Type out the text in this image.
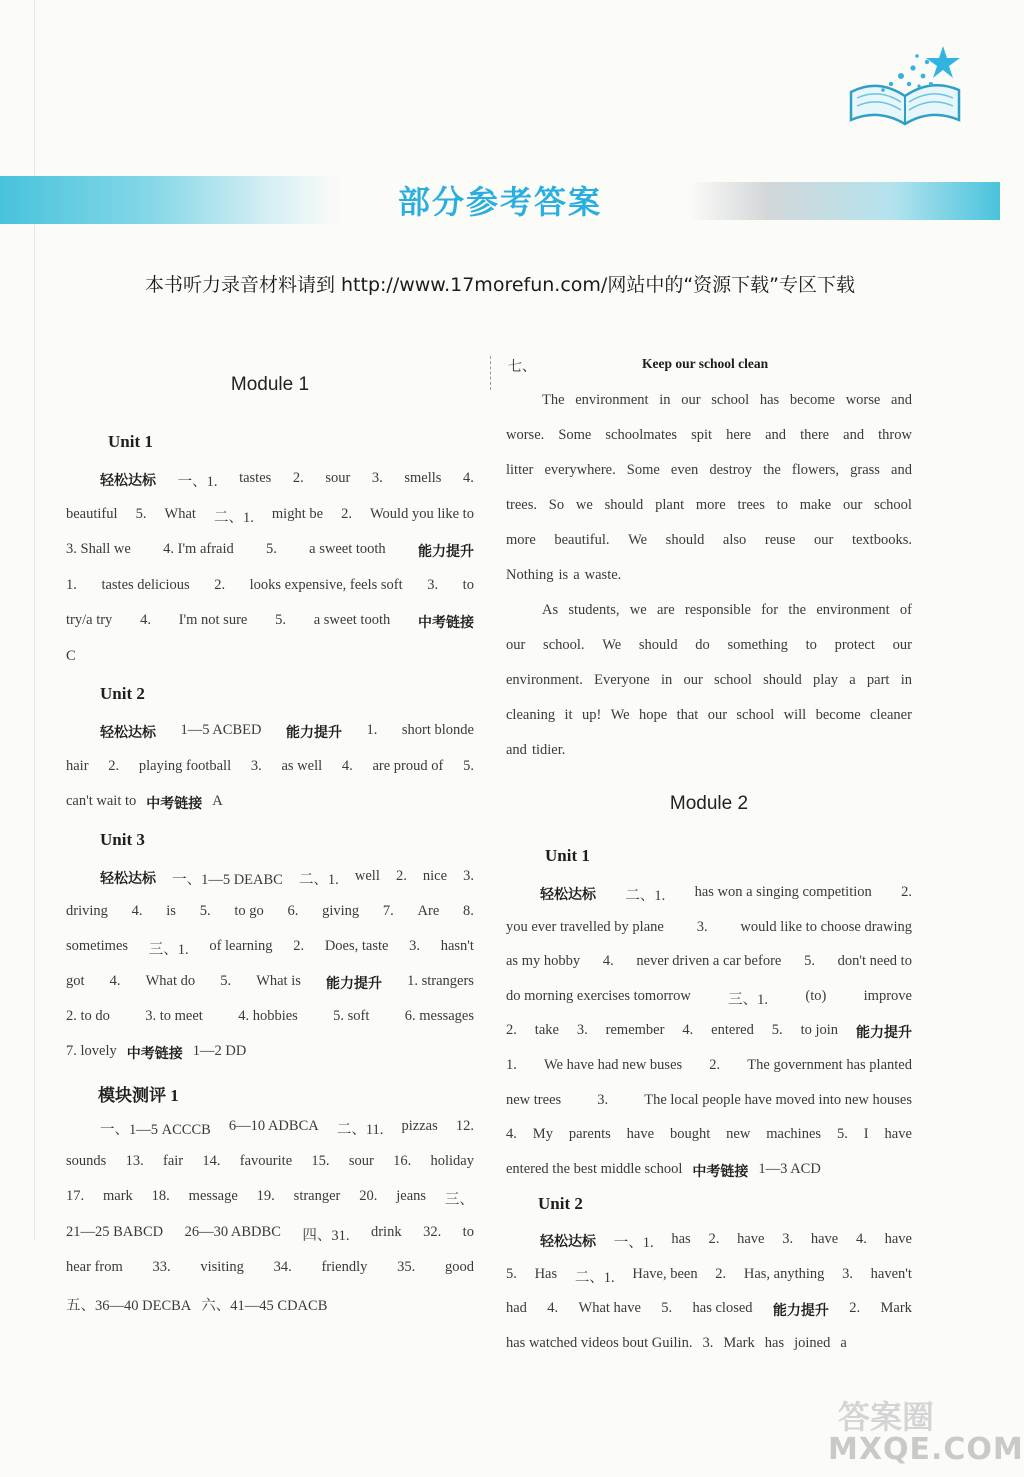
部分参考答案
本书听力录音材料请到 http://www.17morefun.com/网站中的“资源下载”专区下载
Module 1
Unit 1
轻松达标 一、1. tastes 2. sour 3. smells 4.
beautiful 5. What 二、1. might be 2. Would you like to
3. Shall we 4. I'm afraid 5. a sweet tooth 能力提升
1. tastes delicious 2. looks expensive, feels soft 3. to
try/a try 4. I'm not sure 5. a sweet tooth 中考链接
C
Unit 2
轻松达标 1—5 ACBED 能力提升 1. short blonde
hair 2. playing football 3. as well 4. are proud of 5.
can't wait to 中考链接 A
Unit 3
轻松达标 一、1—5 DEABC 二、1. well 2. nice 3.
driving 4. is 5. to go 6. giving 7. Are 8.
sometimes 三、1. of learning 2. Does, taste 3. hasn't
got 4. What do 5. What is 能力提升 1. strangers
2. to do 3. to meet 4. hobbies 5. soft 6. messages
7. lovely 中考链接 1—2 DD
模块测评 1
一、1—5 ACCCB 6—10 ADBCA 二、11. pizzas 12.
sounds 13. fair 14. favourite 15. sour 16. holiday
17. mark 18. message 19. stranger 20. jeans 三、
21—25 BABCD 26—30 ABDBC 四、31. drink 32. to
hear from 33. visiting 34. friendly 35. good
五、36—40 DECBA 六、41—45 CDACB
七、	Keep our school clean
Module 2
The environment in our school has become worse and
worse. Some schoolmates spit here and there and throw
litter everywhere. Some even destroy the flowers, grass and
trees. So we should plant more trees to make our school
more beautiful. We should also reuse our textbooks.
Nothing is a waste.
As students, we are responsible for the environment of
our school. We should do something to protect our
environment. Everyone in our school should play a part in
cleaning it up! We hope that our school will become cleaner
and tidier.
Unit 1
轻松达标 二、1. has won a singing competition 2.
you ever travelled by plane 3. would like to choose drawing
as my hobby 4. never driven a car before 5. don't need to
do morning exercises tomorrow	三、1.	(to)	improve
2. take 3. remember 4. entered 5. to join 能力提升
1. We have had new buses 2. The government has planted
new trees 3. The local people have moved into new houses
4. My parents have bought new machines 5. I have
entered the best middle school 中考链接 1—3 ACD
Unit 2
轻松达标 一、1. has 2. have 3. have 4. have
5. Has 二、1. Have, been 2. Has, anything 3. haven't
had 4. What have 5. has closed 能力提升 2. Mark
has watched videos bout Guilin. 3. Mark has joined a
答案圈
MXQE.COM
